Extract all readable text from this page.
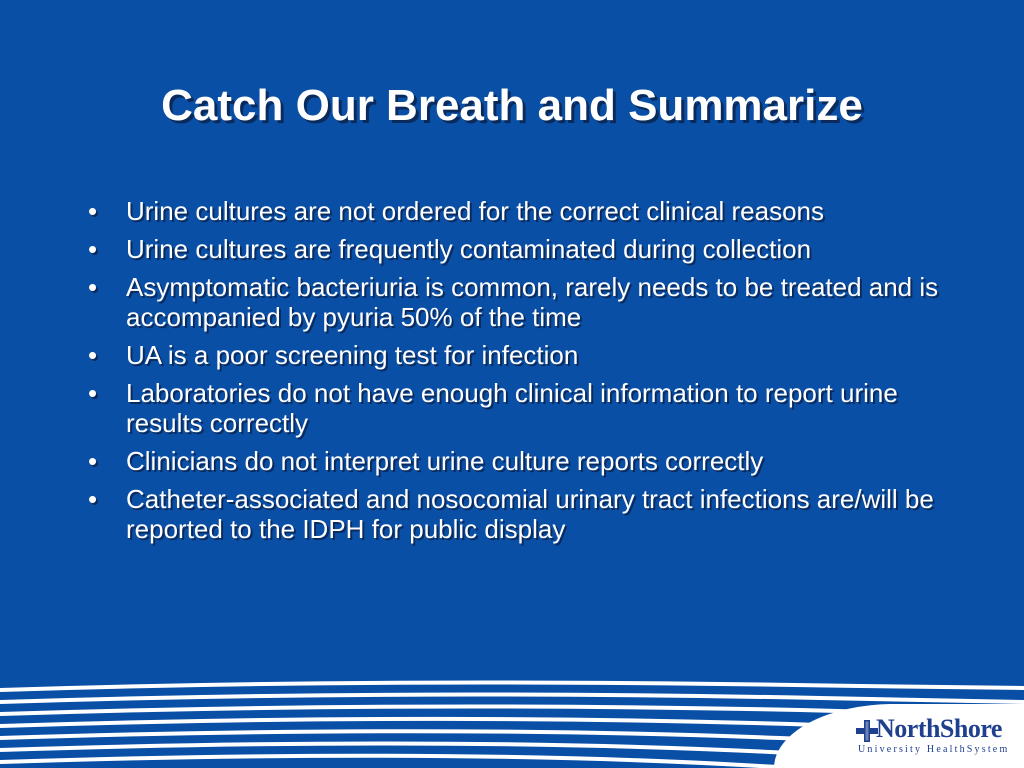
Catch Our Breath and Summarize
• Urine cultures are not ordered for the correct clinical reasons
• Urine cultures are frequently contaminated during collection
• Asymptomatic bacteriuria is common, rarely needs to be treated and is accompanied by pyuria 50% of the time
• UA is a poor screening test for infection
• Laboratories do not have enough clinical information to report urine results correctly
• Clinicians do not interpret urine culture reports correctly
• Catheter-associated and nosocomial urinary tract infections are/will be reported to the IDPH for public display
NorthShore
University HealthSystem
